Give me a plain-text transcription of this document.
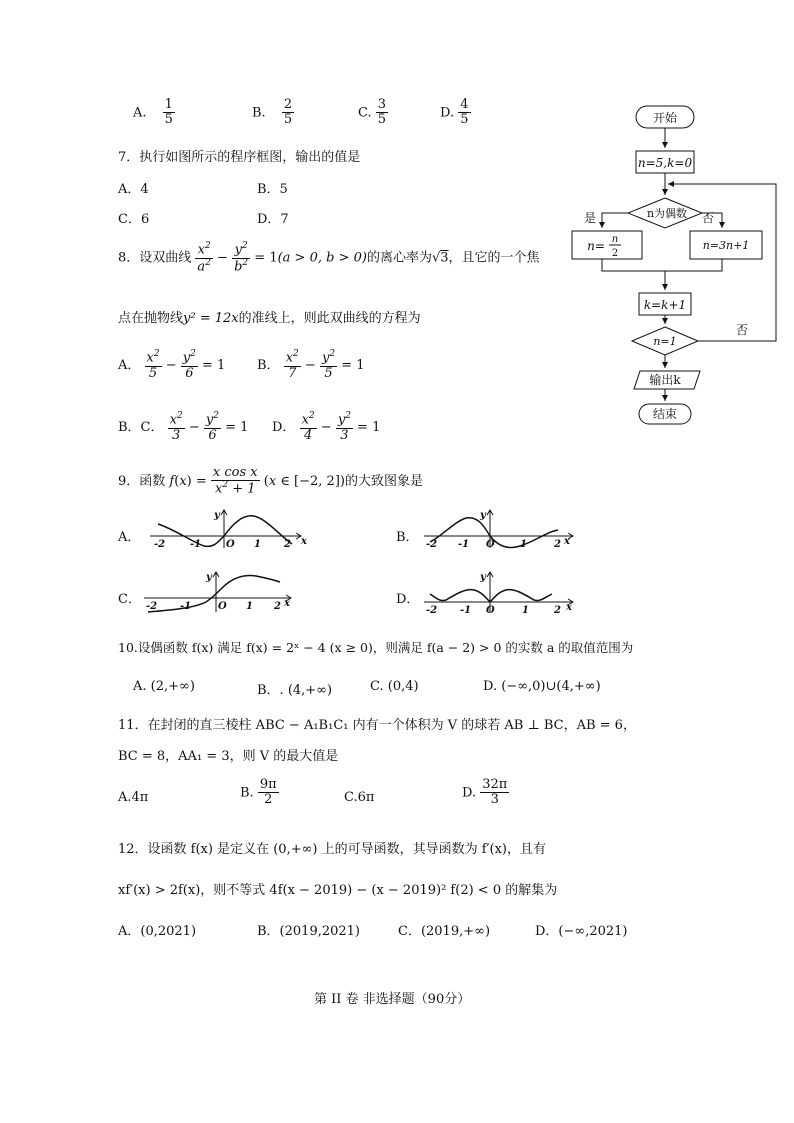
A. $\frac{1}{5}$	B. $\frac{2}{5}$	C. $\frac{3}{5}$	D. $\frac{4}{5}$
7．执行如图所示的程序框图，输出的值是
A．4	B．5
C．6	D．7
开始
n=5,k=0
n为偶数
是	否
n= n
2
n=3n+1
k=k+1
n=1
否
输出k
结束
8．设双曲线 $\frac{x^2}{a^2} - \frac{y^2}{b^2} = 1(a > 0$, b > 0)的离心率为√3，且它的一个焦
点在抛物线y² = 12x的准线上，则此双曲线的方程为
A． $\frac{x^2}{5} - \frac{y^2}{6} = 1$ B． $\frac{x^2}{7} - \frac{y^2}{5} = 1$
B．C． $\frac{x^2}{3} - \frac{y^2}{6} = 1$ D． $\frac{x^2}{4} - \frac{y^2}{3} = 1$
9．函数 $f(x) = \frac{\text{x cos x}}{x^2 + 1} (x$ ∈ [−2, 2])的大致图象是
A．	B．
C．	D．
-2 -1 O 1 2 x
y
-2 -1 O	1	2 x
y
-2 -1	O 1 2 x
y
-2 -1 O	1	2 x
y
10.设偶函数 f(x) 满足 f(x) = 2ˣ − 4 (x ≥ 0)，则满足 f(a − 2) > 0 的实数 a 的取值范围为
A. (2,+∞)	B．. (4,+∞)	C. (0,4)	D. (−∞,0)∪(4,+∞)
11．在封闭的直三棱柱 ABC − A₁B₁C₁ 内有一个体积为 V 的球若 AB ⊥ BC，AB = 6，
BC = 8，AA₁ = 3，则 V 的最大值是
A.4π	B. $\frac{9\pi}{2}$	C.6π	D. $\frac{32\pi}{3}$
12．设函数 f(x) 是定义在 (0,+∞) 上的可导函数，其导函数为 f′(x)，且有
xf′(x) > 2f(x)，则不等式 4f(x − 2019) − (x − 2019)² f(2) < 0 的解集为
A．(0,2021)	B．(2019,2021)	C．(2019,+∞)	D．(−∞,2021)
第 II 卷 非选择题（90分）
